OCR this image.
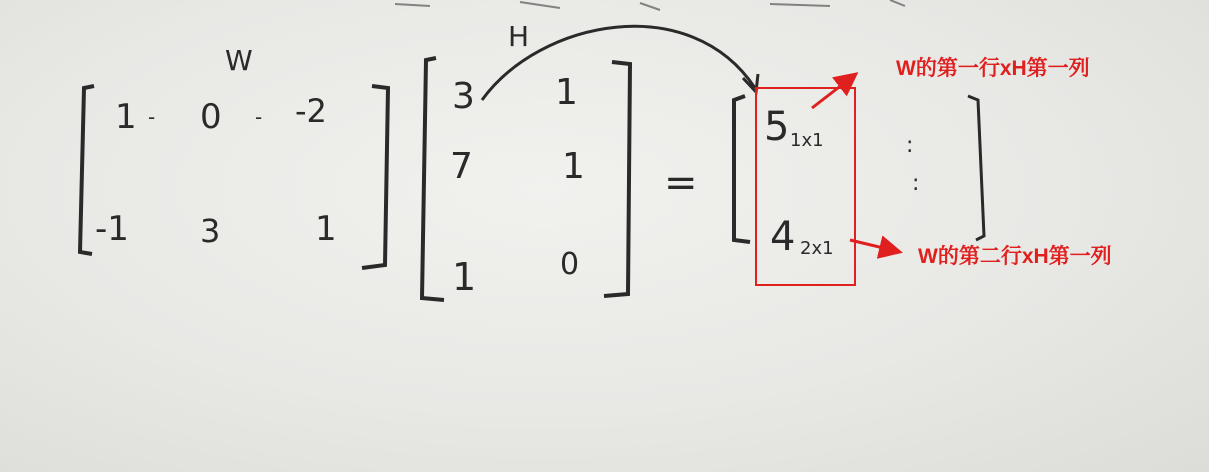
W
1 - 0 - -2
-1 3	1
H
3 1
7 1
1	0
=
5 1x1
4 2x1
:
:
W的第一行xH第一列
W的第二行xH第一列
